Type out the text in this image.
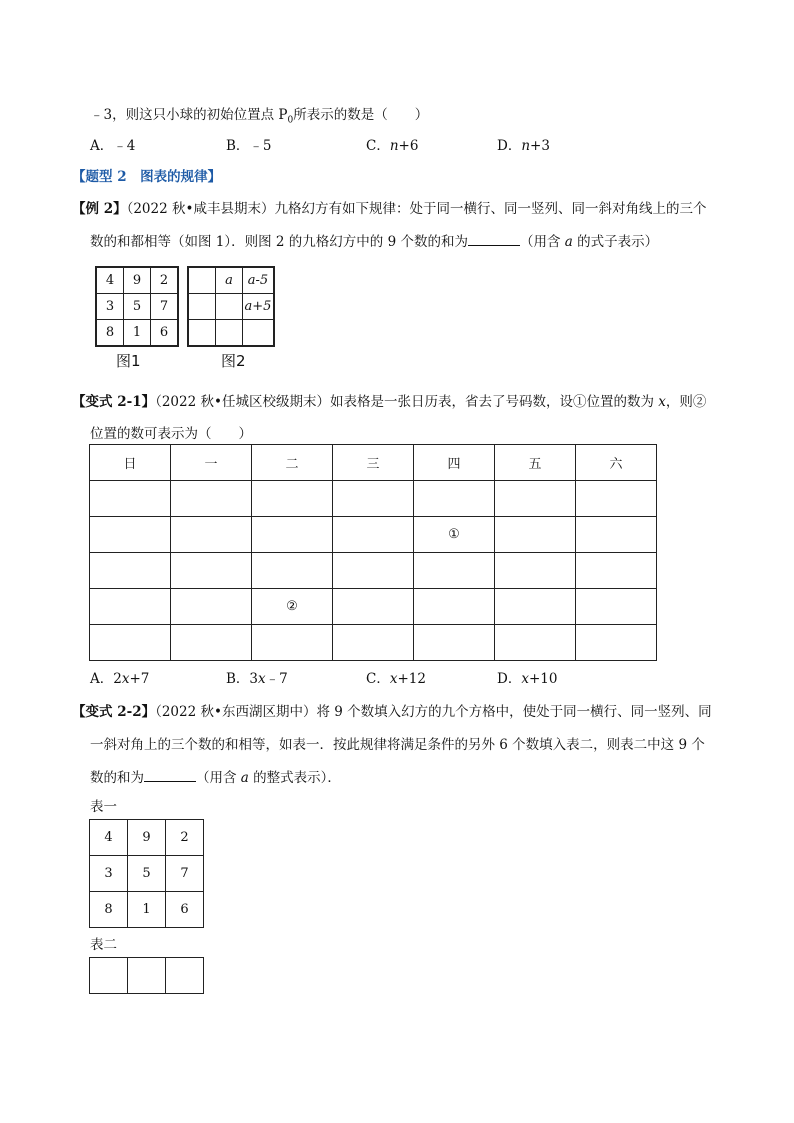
﹣3，则这只小球的初始位置点 $P_0$所表示的数是（　　）
A．﹣4	B．﹣5	C．n+6	D．n+3
【题型 2　图表的规律】
【例 2】（2022 秋•咸丰县期末）九格幻方有如下规律：处于同一横行、同一竖列、同一斜对角线上的三个
数的和都相等（如图 1）．则图 2 的九格幻方中的 9 个数的和为	（用含 a 的式子表示）
4	9	2
3	5	7
8	1	6
图1
	a	a-5
		a+5

图2
【变式 2-1】（2022 秋•任城区校级期末）如表格是一张日历表，省去了号码数，设①位置的数为 x，则②
位置的数可表示为（　　）
日	一	二	三	四	五	六

				①		

		②				

A．2x+7	B．3x﹣7	C．x+12	D．x+10
【变式 2-2】（2022 秋•东西湖区期中）将 9 个数填入幻方的九个方格中，使处于同一横行、同一竖列、同
一斜对角上的三个数的和相等，如表一．按此规律将满足条件的另外 6 个数填入表二，则表二中这 9 个
数的和为	（用含 a 的整式表示）．
表一
4	9	2
3	5	7
8	1	6
表二
